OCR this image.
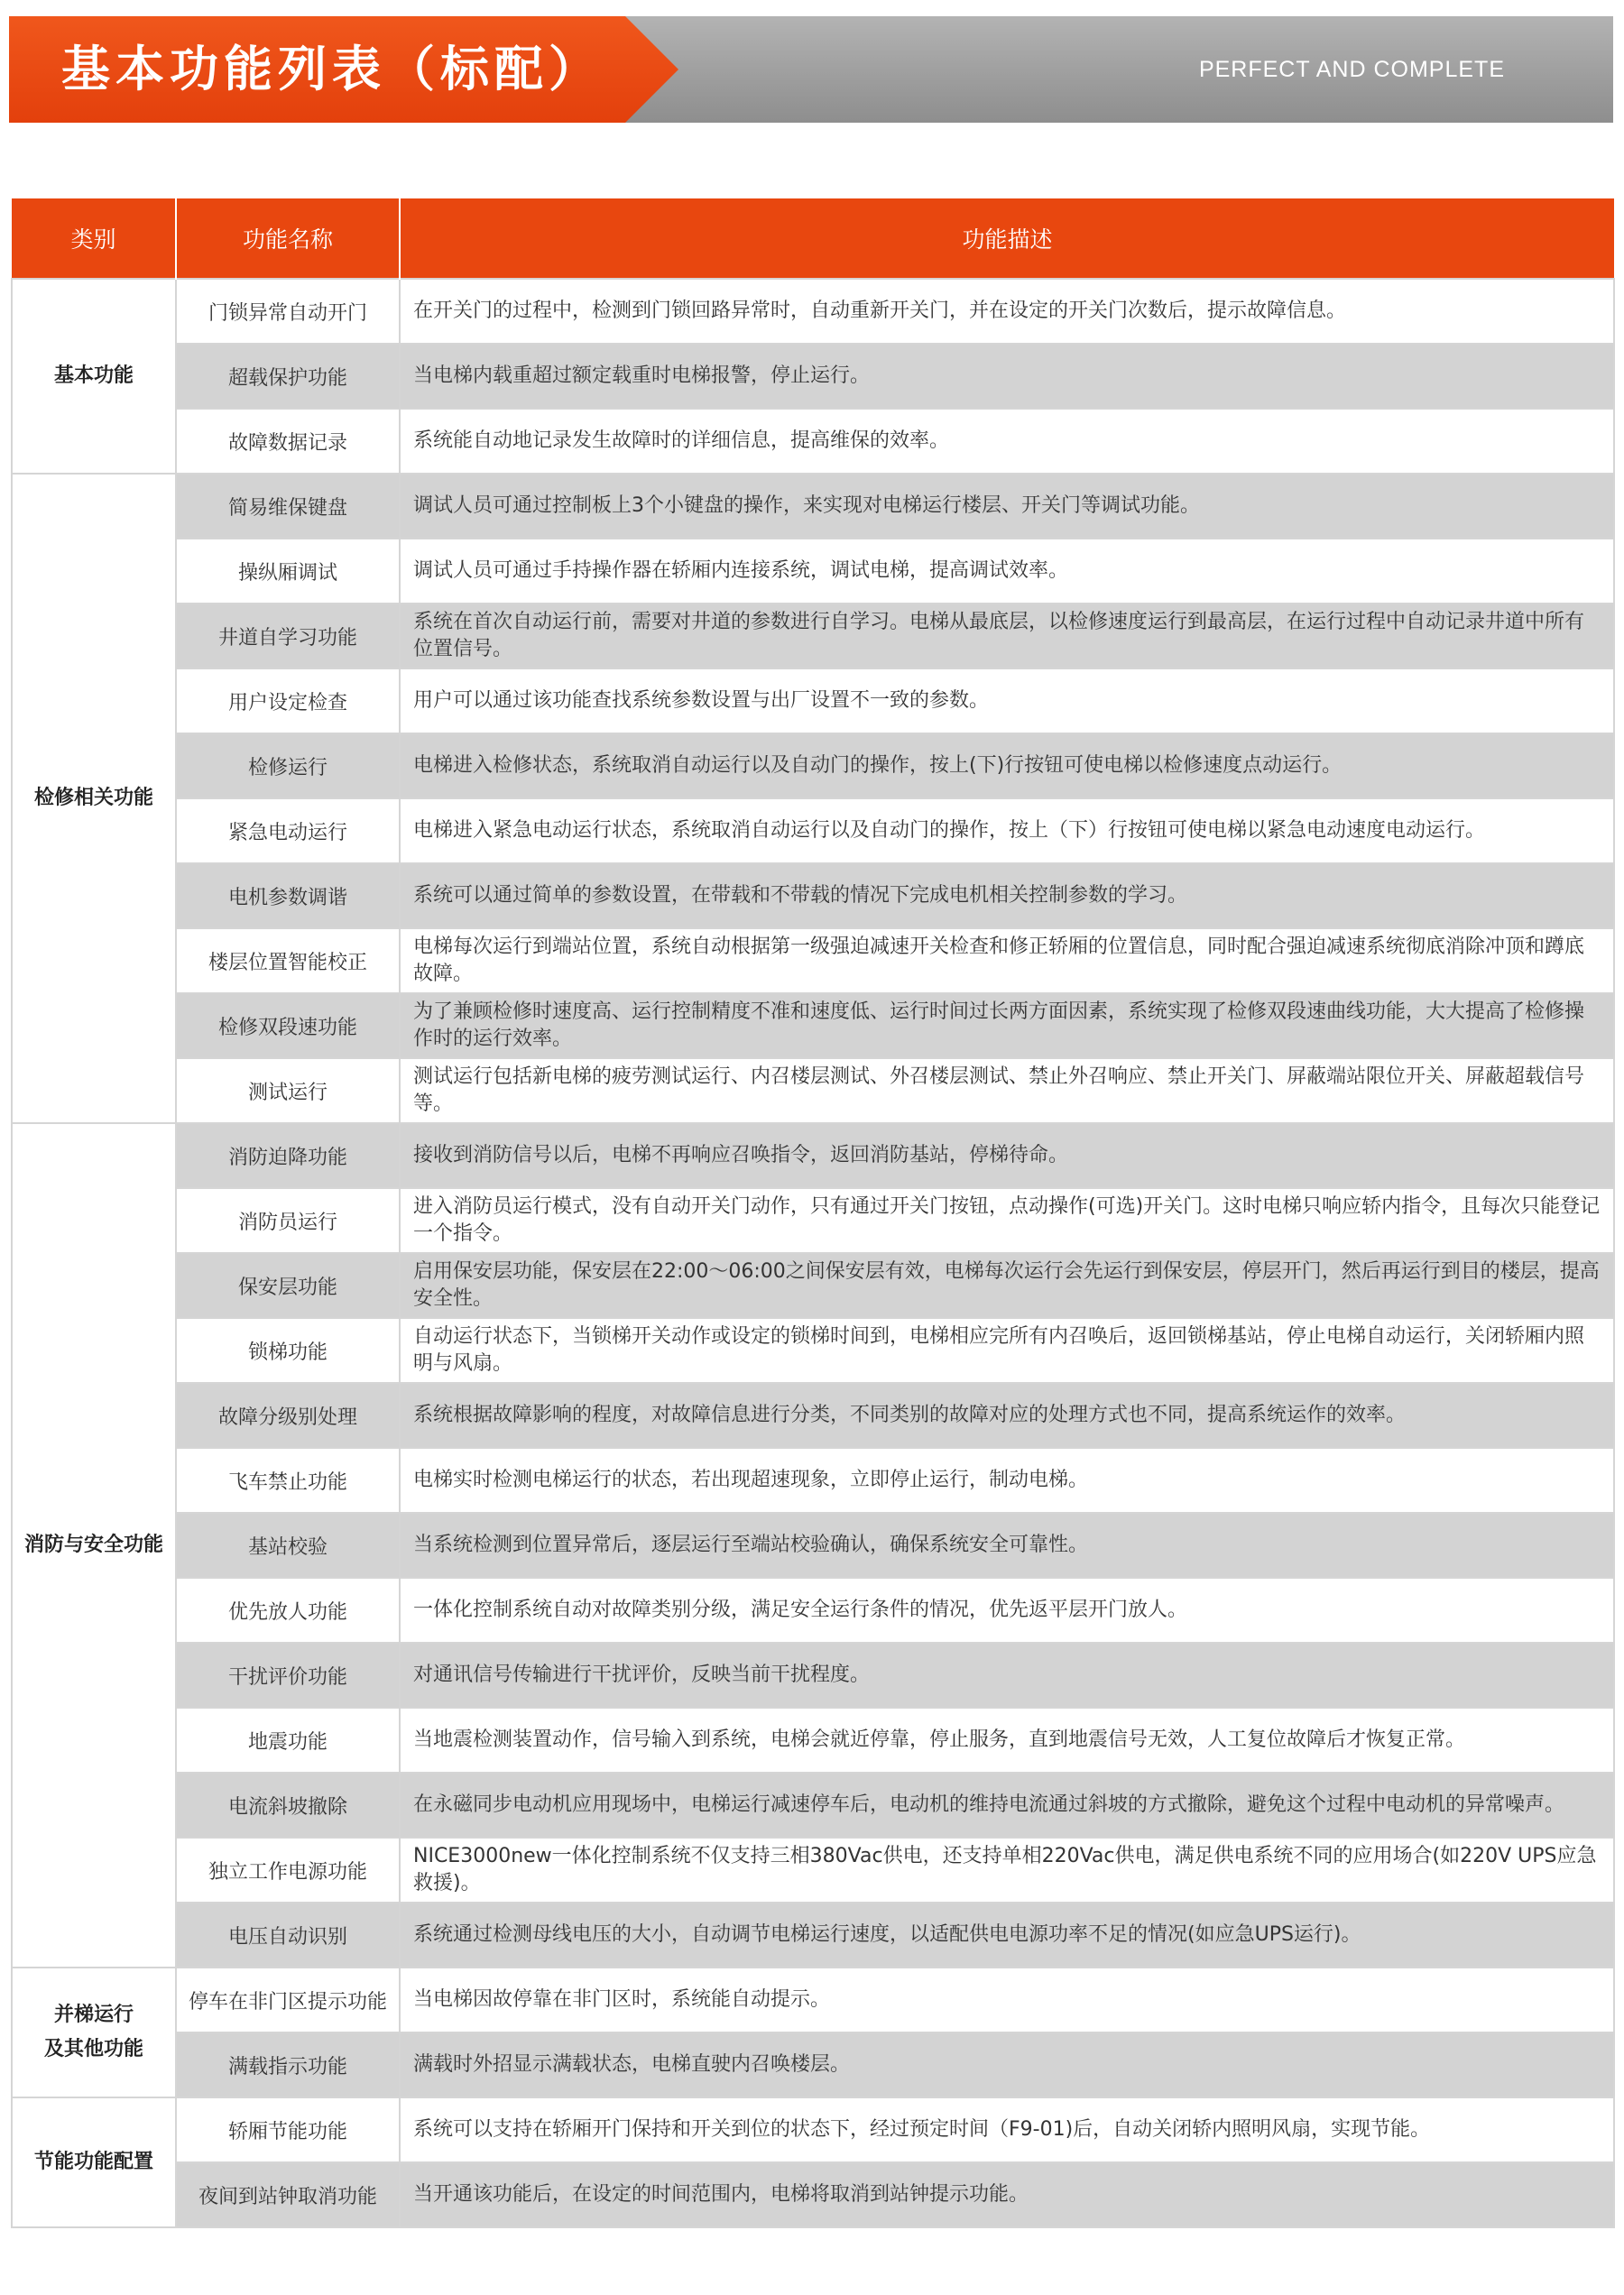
基本功能列表（标配）	PERFECT AND COMPLETE
类别	功能名称	功能描述

基本功能	门锁异常自动开门	在开关门的过程中，检测到门锁回路异常时，自动重新开关门，并在设定的开关门次数后，提示故障信息。
	超载保护功能	当电梯内载重超过额定载重时电梯报警，停止运行。
	故障数据记录	系统能自动地记录发生故障时的详细信息，提高维保的效率。

检修相关功能	简易维保键盘	调试人员可通过控制板上3个小键盘的操作，来实现对电梯运行楼层、开关门等调试功能。
	操纵厢调试	调试人员可通过手持操作器在轿厢内连接系统，调试电梯，提高调试效率。
	井道自学习功能	系统在首次自动运行前，需要对井道的参数进行自学习。电梯从最底层，以检修速度运行到最高层，在运行过程中自动记录井道中所有位置信号。
	用户设定检查	用户可以通过该功能查找系统参数设置与出厂设置不一致的参数。
	检修运行	电梯进入检修状态，系统取消自动运行以及自动门的操作，按上(下)行按钮可使电梯以检修速度点动运行。
	紧急电动运行	电梯进入紧急电动运行状态，系统取消自动运行以及自动门的操作，按上（下）行按钮可使电梯以紧急电动速度电动运行。
	电机参数调谐	系统可以通过简单的参数设置，在带载和不带载的情况下完成电机相关控制参数的学习。
	楼层位置智能校正	电梯每次运行到端站位置，系统自动根据第一级强迫减速开关检查和修正轿厢的位置信息，同时配合强迫减速系统彻底消除冲顶和蹲底故障。
	检修双段速功能	为了兼顾检修时速度高、运行控制精度不准和速度低、运行时间过长两方面因素，系统实现了检修双段速曲线功能，大大提高了检修操作时的运行效率。
	测试运行	测试运行包括新电梯的疲劳测试运行、内召楼层测试、外召楼层测试、禁止外召响应、禁止开关门、屏蔽端站限位开关、屏蔽超载信号等。

消防与安全功能	消防迫降功能	接收到消防信号以后，电梯不再响应召唤指令，返回消防基站，停梯待命。
	消防员运行	进入消防员运行模式，没有自动开关门动作，只有通过开关门按钮，点动操作(可选)开关门。这时电梯只响应轿内指令，且每次只能登记一个指令。
	保安层功能	启用保安层功能，保安层在22:00～06:00之间保安层有效，电梯每次运行会先运行到保安层，停层开门，然后再运行到目的楼层，提高安全性。
	锁梯功能	自动运行状态下，当锁梯开关动作或设定的锁梯时间到，电梯相应完所有内召唤后，返回锁梯基站，停止电梯自动运行，关闭轿厢内照明与风扇。
	故障分级别处理	系统根据故障影响的程度，对故障信息进行分类，不同类别的故障对应的处理方式也不同，提高系统运作的效率。
	飞车禁止功能	电梯实时检测电梯运行的状态，若出现超速现象，立即停止运行，制动电梯。
	基站校验	当系统检测到位置异常后，逐层运行至端站校验确认，确保系统安全可靠性。
	优先放人功能	一体化控制系统自动对故障类别分级，满足安全运行条件的情况，优先返平层开门放人。
	干扰评价功能	对通讯信号传输进行干扰评价，反映当前干扰程度。
	地震功能	当地震检测装置动作，信号输入到系统，电梯会就近停靠，停止服务，直到地震信号无效，人工复位故障后才恢复正常。
	电流斜坡撤除	在永磁同步电动机应用现场中，电梯运行减速停车后，电动机的维持电流通过斜坡的方式撤除，避免这个过程中电动机的异常噪声。
	独立工作电源功能	NICE3000new一体化控制系统不仅支持三相380Vac供电，还支持单相220Vac供电，满足供电系统不同的应用场合(如220V UPS应急救援)。
	电压自动识别	系统通过检测母线电压的大小，自动调节电梯运行速度，以适配供电电源功率不足的情况(如应急UPS运行)。

并梯运行
及其他功能	停车在非门区提示功能	当电梯因故停靠在非门区时，系统能自动提示。
	满载指示功能	满载时外招显示满载状态，电梯直驶内召唤楼层。

节能功能配置	轿厢节能功能	系统可以支持在轿厢开门保持和开关到位的状态下，经过预定时间（F9-01)后，自动关闭轿内照明风扇，实现节能。
	夜间到站钟取消功能	当开通该功能后，在设定的时间范围内，电梯将取消到站钟提示功能。
